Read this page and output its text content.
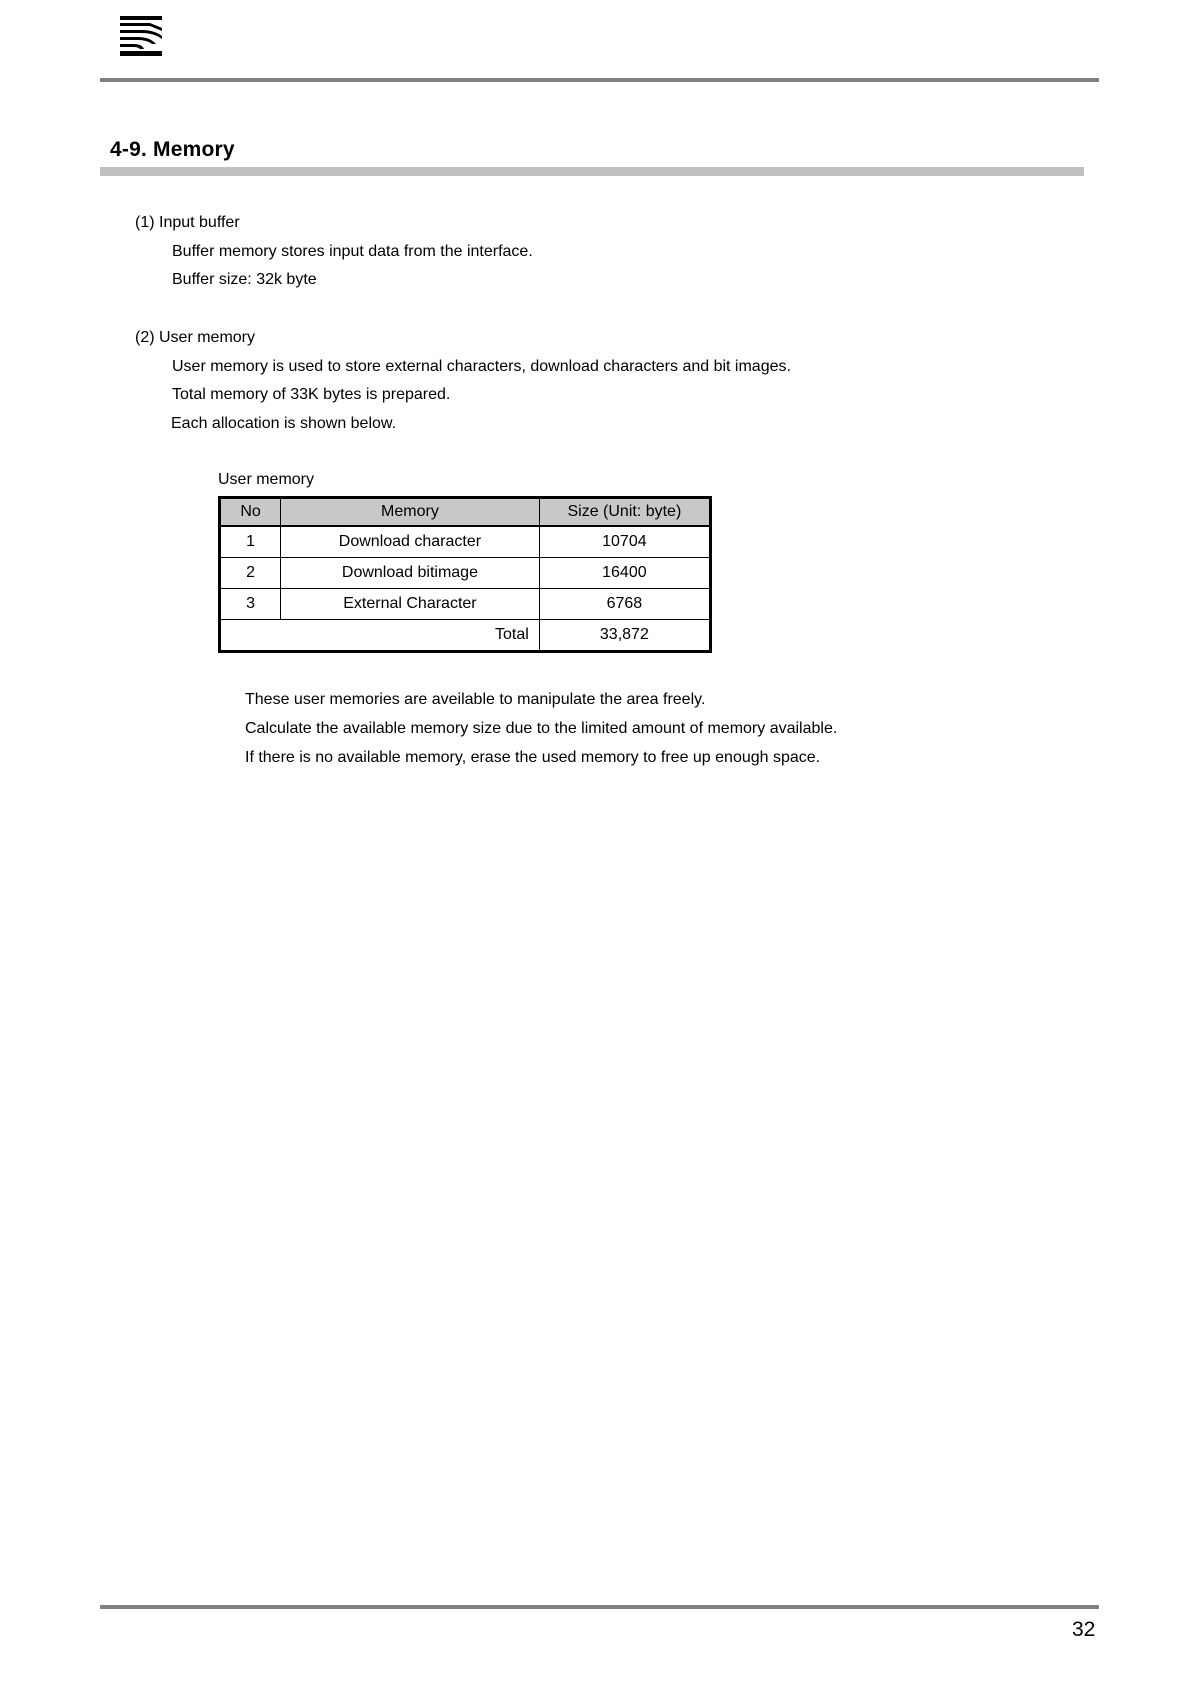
4-9. Memory
(1) Input buffer
Buffer memory stores input data from the interface.
Buffer size: 32k byte
(2) User memory
User memory is used to store external characters, download characters and bit images.
Total memory of 33K bytes is prepared.
Each allocation is shown below.
User memory
No	Memory	Size (Unit: byte)
1	Download character	10704
2	Download bitimage	16400
3	External Character	6768
Total		33,872
These user memories are aveilable to manipulate the area freely.
Calculate the available memory size due to the limited amount of memory available.
If there is no available memory, erase the used memory to free up enough space.
32
